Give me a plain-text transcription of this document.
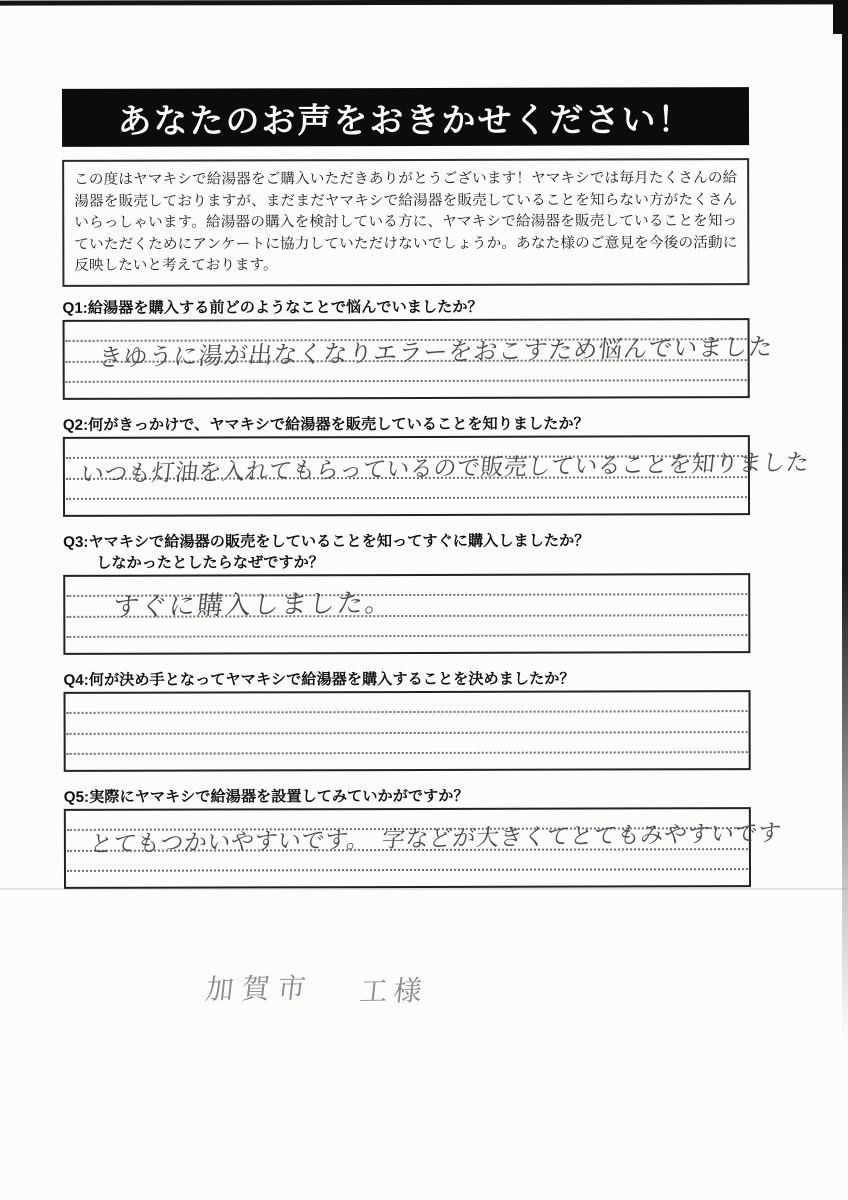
あなたのお声をおきかせください！
この度はヤマキシで給湯器をご購入いただきありがとうございます！ヤマキシでは毎月たくさんの給湯器を販売しておりますが、まだまだヤマキシで給湯器を販売していることを知らない方がたくさんいらっしゃいます。給湯器の購入を検討している方に、ヤマキシで給湯器を販売していることを知っていただくためにアンケートに協力していただけないでしょうか。あなた様のご意見を今後の活動に反映したいと考えております。
Q1:給湯器を購入する前どのようなことで悩んでいましたか？
きゆうに湯が出なくなりエラーをおこすため悩んでいました
Q2:何がきっかけで、ヤマキシで給湯器を販売していることを知りましたか？
いつも灯油を入れてもらっているので販売していることを知りました
Q3:ヤマキシで給湯器の販売をしていることを知ってすぐに購入しましたか？
しなかったとしたらなぜですか？
すぐに購入しました。
Q4:何が決め手となってヤマキシで給湯器を購入することを決めましたか？
Q5:実際にヤマキシで給湯器を設置してみていかがですか？
とてもつかいやすいです。　字などが大きくてとてもみやすいです
加賀市 工様
